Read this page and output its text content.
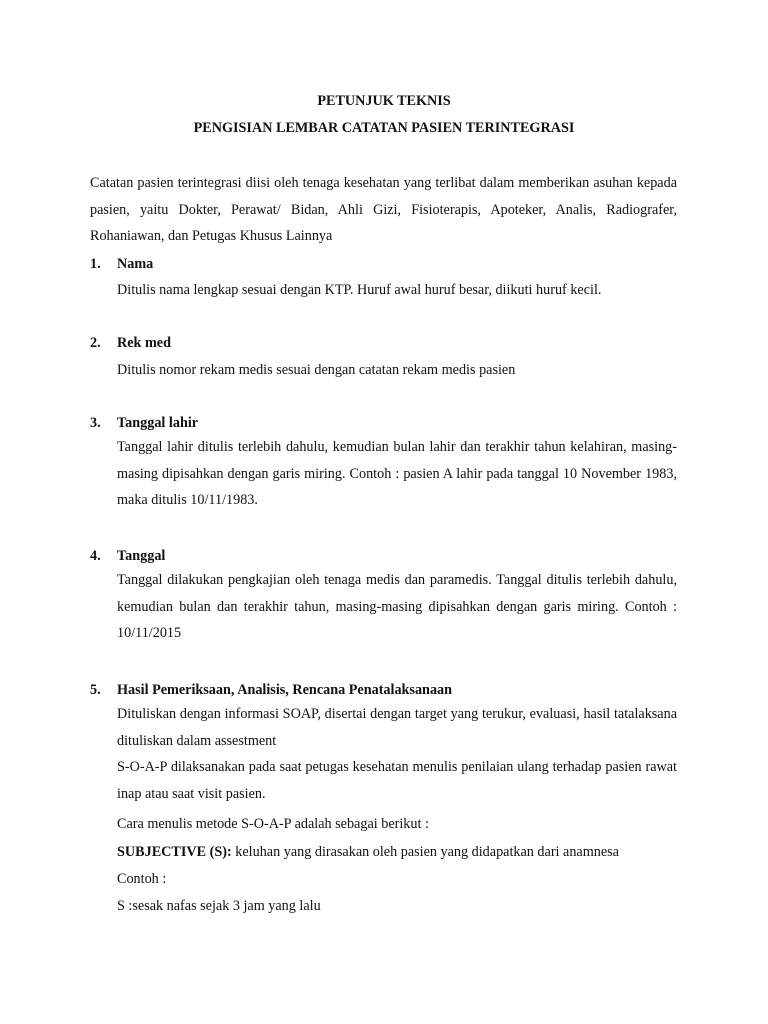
PETUNJUK TEKNIS
PENGISIAN LEMBAR CATATAN PASIEN TERINTEGRASI
Catatan pasien terintegrasi diisi oleh tenaga kesehatan yang terlibat dalam memberikan asuhan kepada pasien, yaitu Dokter, Perawat/ Bidan, Ahli Gizi, Fisioterapis, Apoteker, Analis, Radiografer, Rohaniawan, dan Petugas Khusus Lainnya
1. Nama
Ditulis nama lengkap sesuai dengan KTP. Huruf awal huruf besar, diikuti huruf kecil.
2. Rek med
Ditulis nomor rekam medis sesuai dengan catatan rekam medis pasien
3. Tanggal lahir
Tanggal lahir ditulis terlebih dahulu, kemudian bulan lahir dan terakhir tahun kelahiran, masing-masing dipisahkan dengan garis miring. Contoh : pasien A lahir pada tanggal 10 November 1983, maka ditulis 10/11/1983.
4. Tanggal
Tanggal dilakukan pengkajian oleh tenaga medis dan paramedis. Tanggal ditulis terlebih dahulu, kemudian bulan dan terakhir tahun, masing-masing dipisahkan dengan garis miring. Contoh : 10/11/2015
5. Hasil Pemeriksaan, Analisis, Rencana Penatalaksanaan
Dituliskan dengan informasi SOAP, disertai dengan target yang terukur, evaluasi, hasil tatalaksana dituliskan dalam assestment
S-O-A-P dilaksanakan pada saat petugas kesehatan menulis penilaian ulang terhadap pasien rawat inap atau saat visit pasien.
Cara menulis metode S-O-A-P adalah sebagai berikut :
SUBJECTIVE (S): keluhan yang dirasakan oleh pasien yang didapatkan dari anamnesa
Contoh :
S :sesak nafas sejak 3 jam yang lalu
